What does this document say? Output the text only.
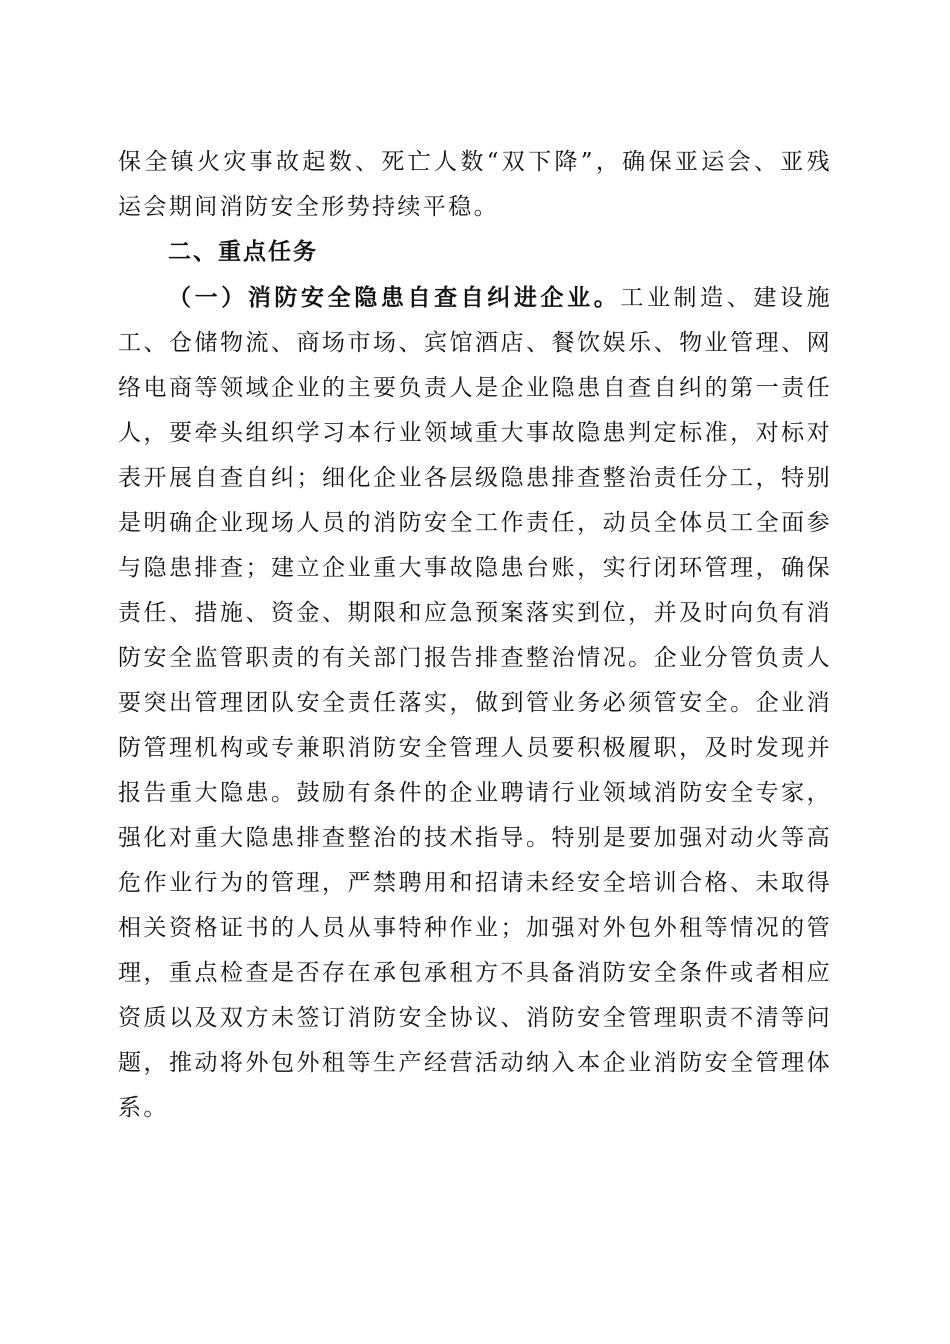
保全镇火灾事故起数、死亡人数“双下降”，确保亚运会、亚残运会期间消防安全形势持续平稳。

二、重点任务

（一）消防安全隐患自查自纠进企业。工业制造、建设施工、仓储物流、商场市场、宾馆酒店、餐饮娱乐、物业管理、网络电商等领域企业的主要负责人是企业隐患自查自纠的第一责任人，要牵头组织学习本行业领域重大事故隐患判定标准，对标对表开展自查自纠；细化企业各层级隐患排查整治责任分工，特别是明确企业现场人员的消防安全工作责任，动员全体员工全面参与隐患排查；建立企业重大事故隐患台账，实行闭环管理，确保责任、措施、资金、期限和应急预案落实到位，并及时向负有消防安全监管职责的有关部门报告排查整治情况。企业分管负责人要突出管理团队安全责任落实，做到管业务必须管安全。企业消防管理机构或专兼职消防安全管理人员要积极履职，及时发现并报告重大隐患。鼓励有条件的企业聘请行业领域消防安全专家，强化对重大隐患排查整治的技术指导。特别是要加强对动火等高危作业行为的管理，严禁聘用和招请未经安全培训合格、未取得相关资格证书的人员从事特种作业；加强对外包外租等情况的管理，重点检查是否存在承包承租方不具备消防安全条件或者相应资质以及双方未签订消防安全协议、消防安全管理职责不清等问题，推动将外包外租等生产经营活动纳入本企业消防安全管理体系。
